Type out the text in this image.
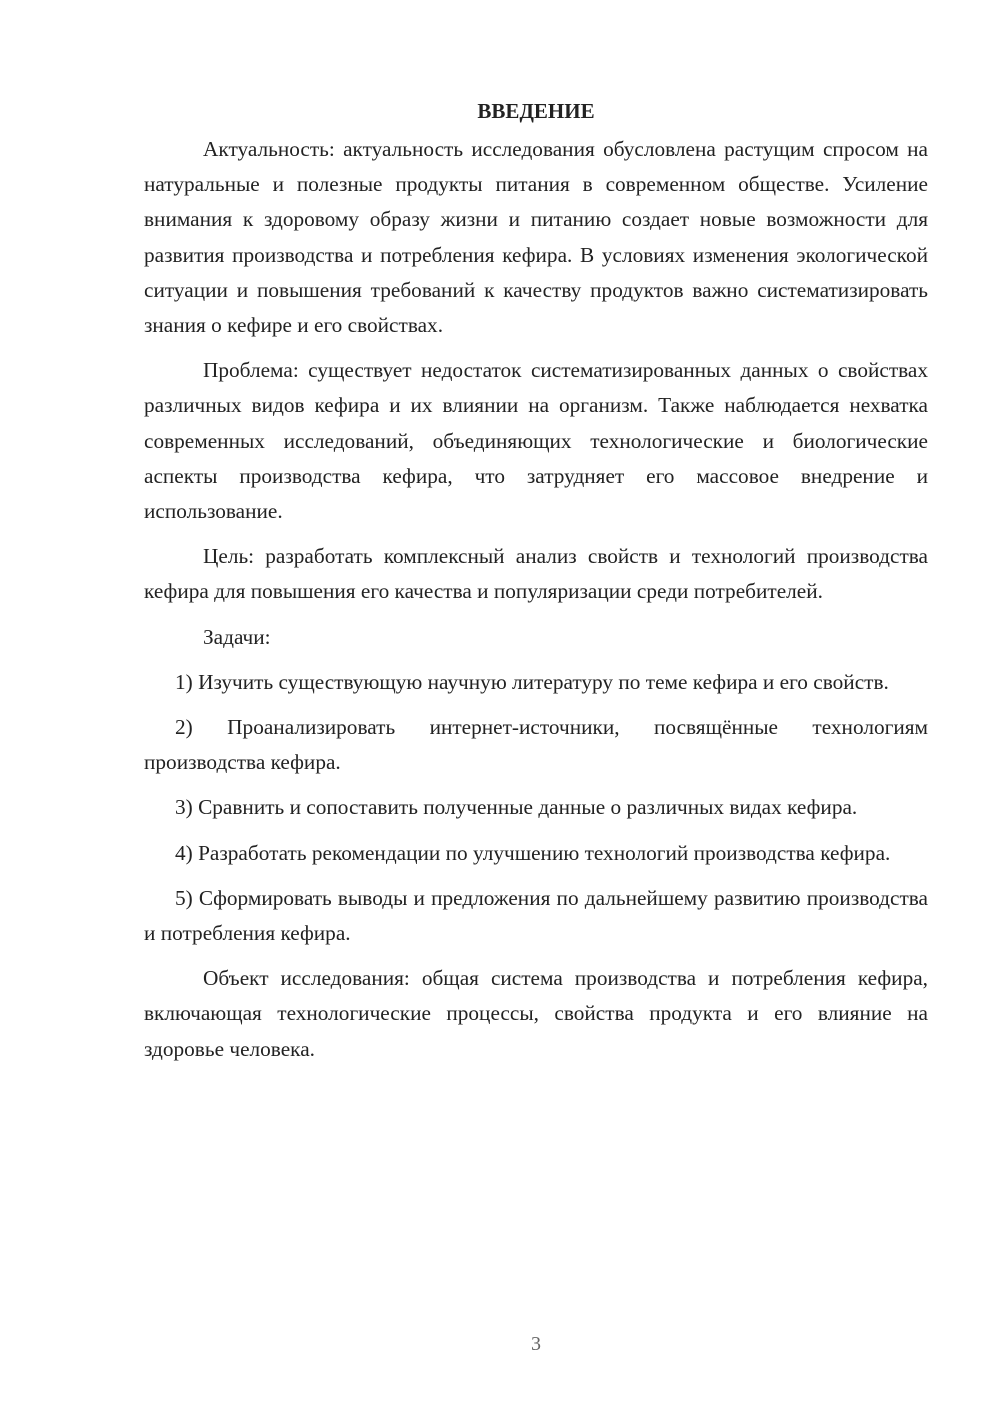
ВВЕДЕНИЕ

Актуальность: актуальность исследования обусловлена растущим спросом на натуральные и полезные продукты питания в современном обществе. Усиление внимания к здоровому образу жизни и питанию создает новые возможности для развития производства и потребления кефира. В условиях изменения экологической ситуации и повышения требований к качеству продуктов важно систематизировать знания о кефире и его свойствах.

Проблема: существует недостаток систематизированных данных о свойствах различных видов кефира и их влиянии на организм. Также наблюдается нехватка современных исследований, объединяющих технологические и биологические аспекты производства кефира, что затрудняет его массовое внедрение и использование.

Цель: разработать комплексный анализ свойств и технологий производства кефира для повышения его качества и популяризации среди потребителей.

Задачи:

1) Изучить существующую научную литературу по теме кефира и его свойств.

2) Проанализировать интернет-источники, посвящённые технологиям производства кефира.

3) Сравнить и сопоставить полученные данные о различных видах кефира.

4) Разработать рекомендации по улучшению технологий производства кефира.

5) Сформировать выводы и предложения по дальнейшему развитию производства и потребления кефира.

Объект исследования: общая система производства и потребления кефира, включающая технологические процессы, свойства продукта и его влияние на здоровье человека.

3
